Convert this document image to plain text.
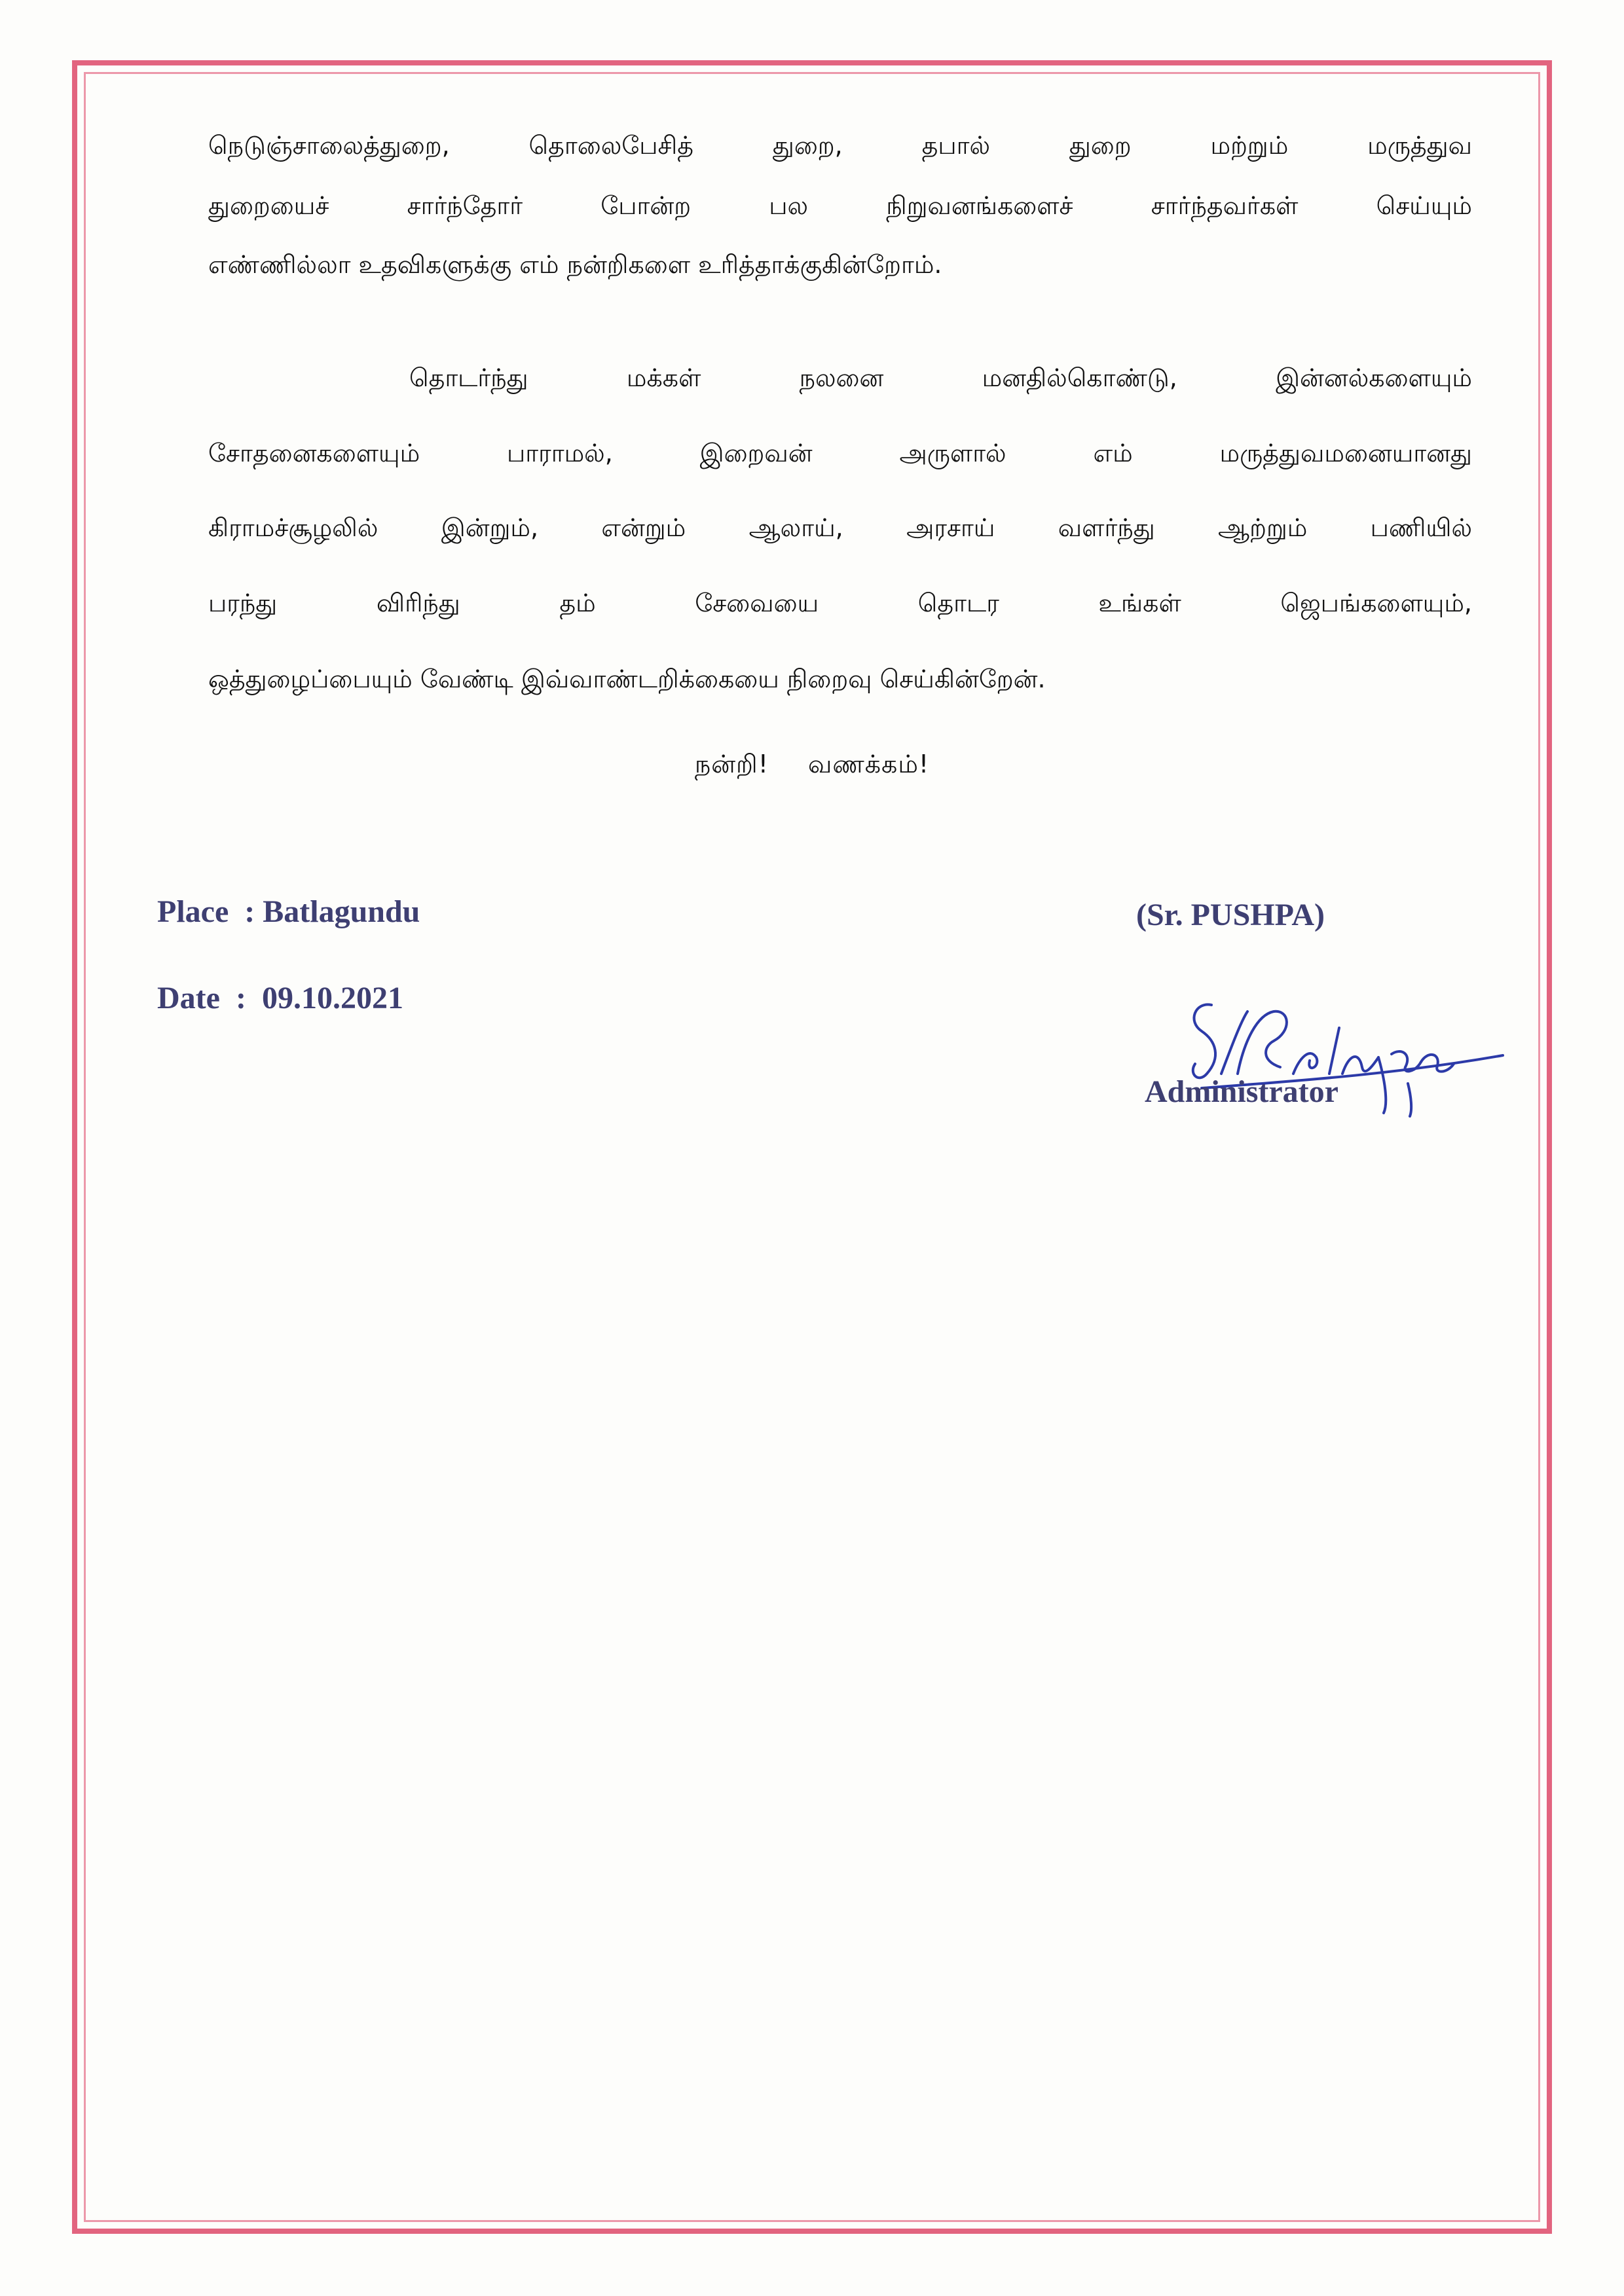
நெடுஞ்சாலைத்துறை, தொலைபேசித் துறை, தபால் துறை மற்றும் மருத்துவ
துறையைச் சார்ந்தோர் போன்ற பல நிறுவனங்களைச் சார்ந்தவர்கள் செய்யும்
எண்ணில்லா உதவிகளுக்கு எம் நன்றிகளை உரித்தாக்குகின்றோம்.
தொடர்ந்து மக்கள் நலனை மனதில்கொண்டு, இன்னல்களையும்
சோதனைகளையும் பாராமல், இறைவன் அருளால் எம் மருத்துவமனையானது
கிராமச்சூழலில் இன்றும், என்றும் ஆலாய், அரசாய் வளர்ந்து ஆற்றும் பணியில்
பரந்து விரிந்து தம் சேவையை தொடர உங்கள் ஜெபங்களையும்,
ஒத்துழைப்பையும் வேண்டி இவ்வாண்டறிக்கையை நிறைவு செய்கின்றேன்.
நன்றி! வணக்கம்!
Place : Batlagundu
Date : 09.10.2021
(Sr. PUSHPA)
Administrator
